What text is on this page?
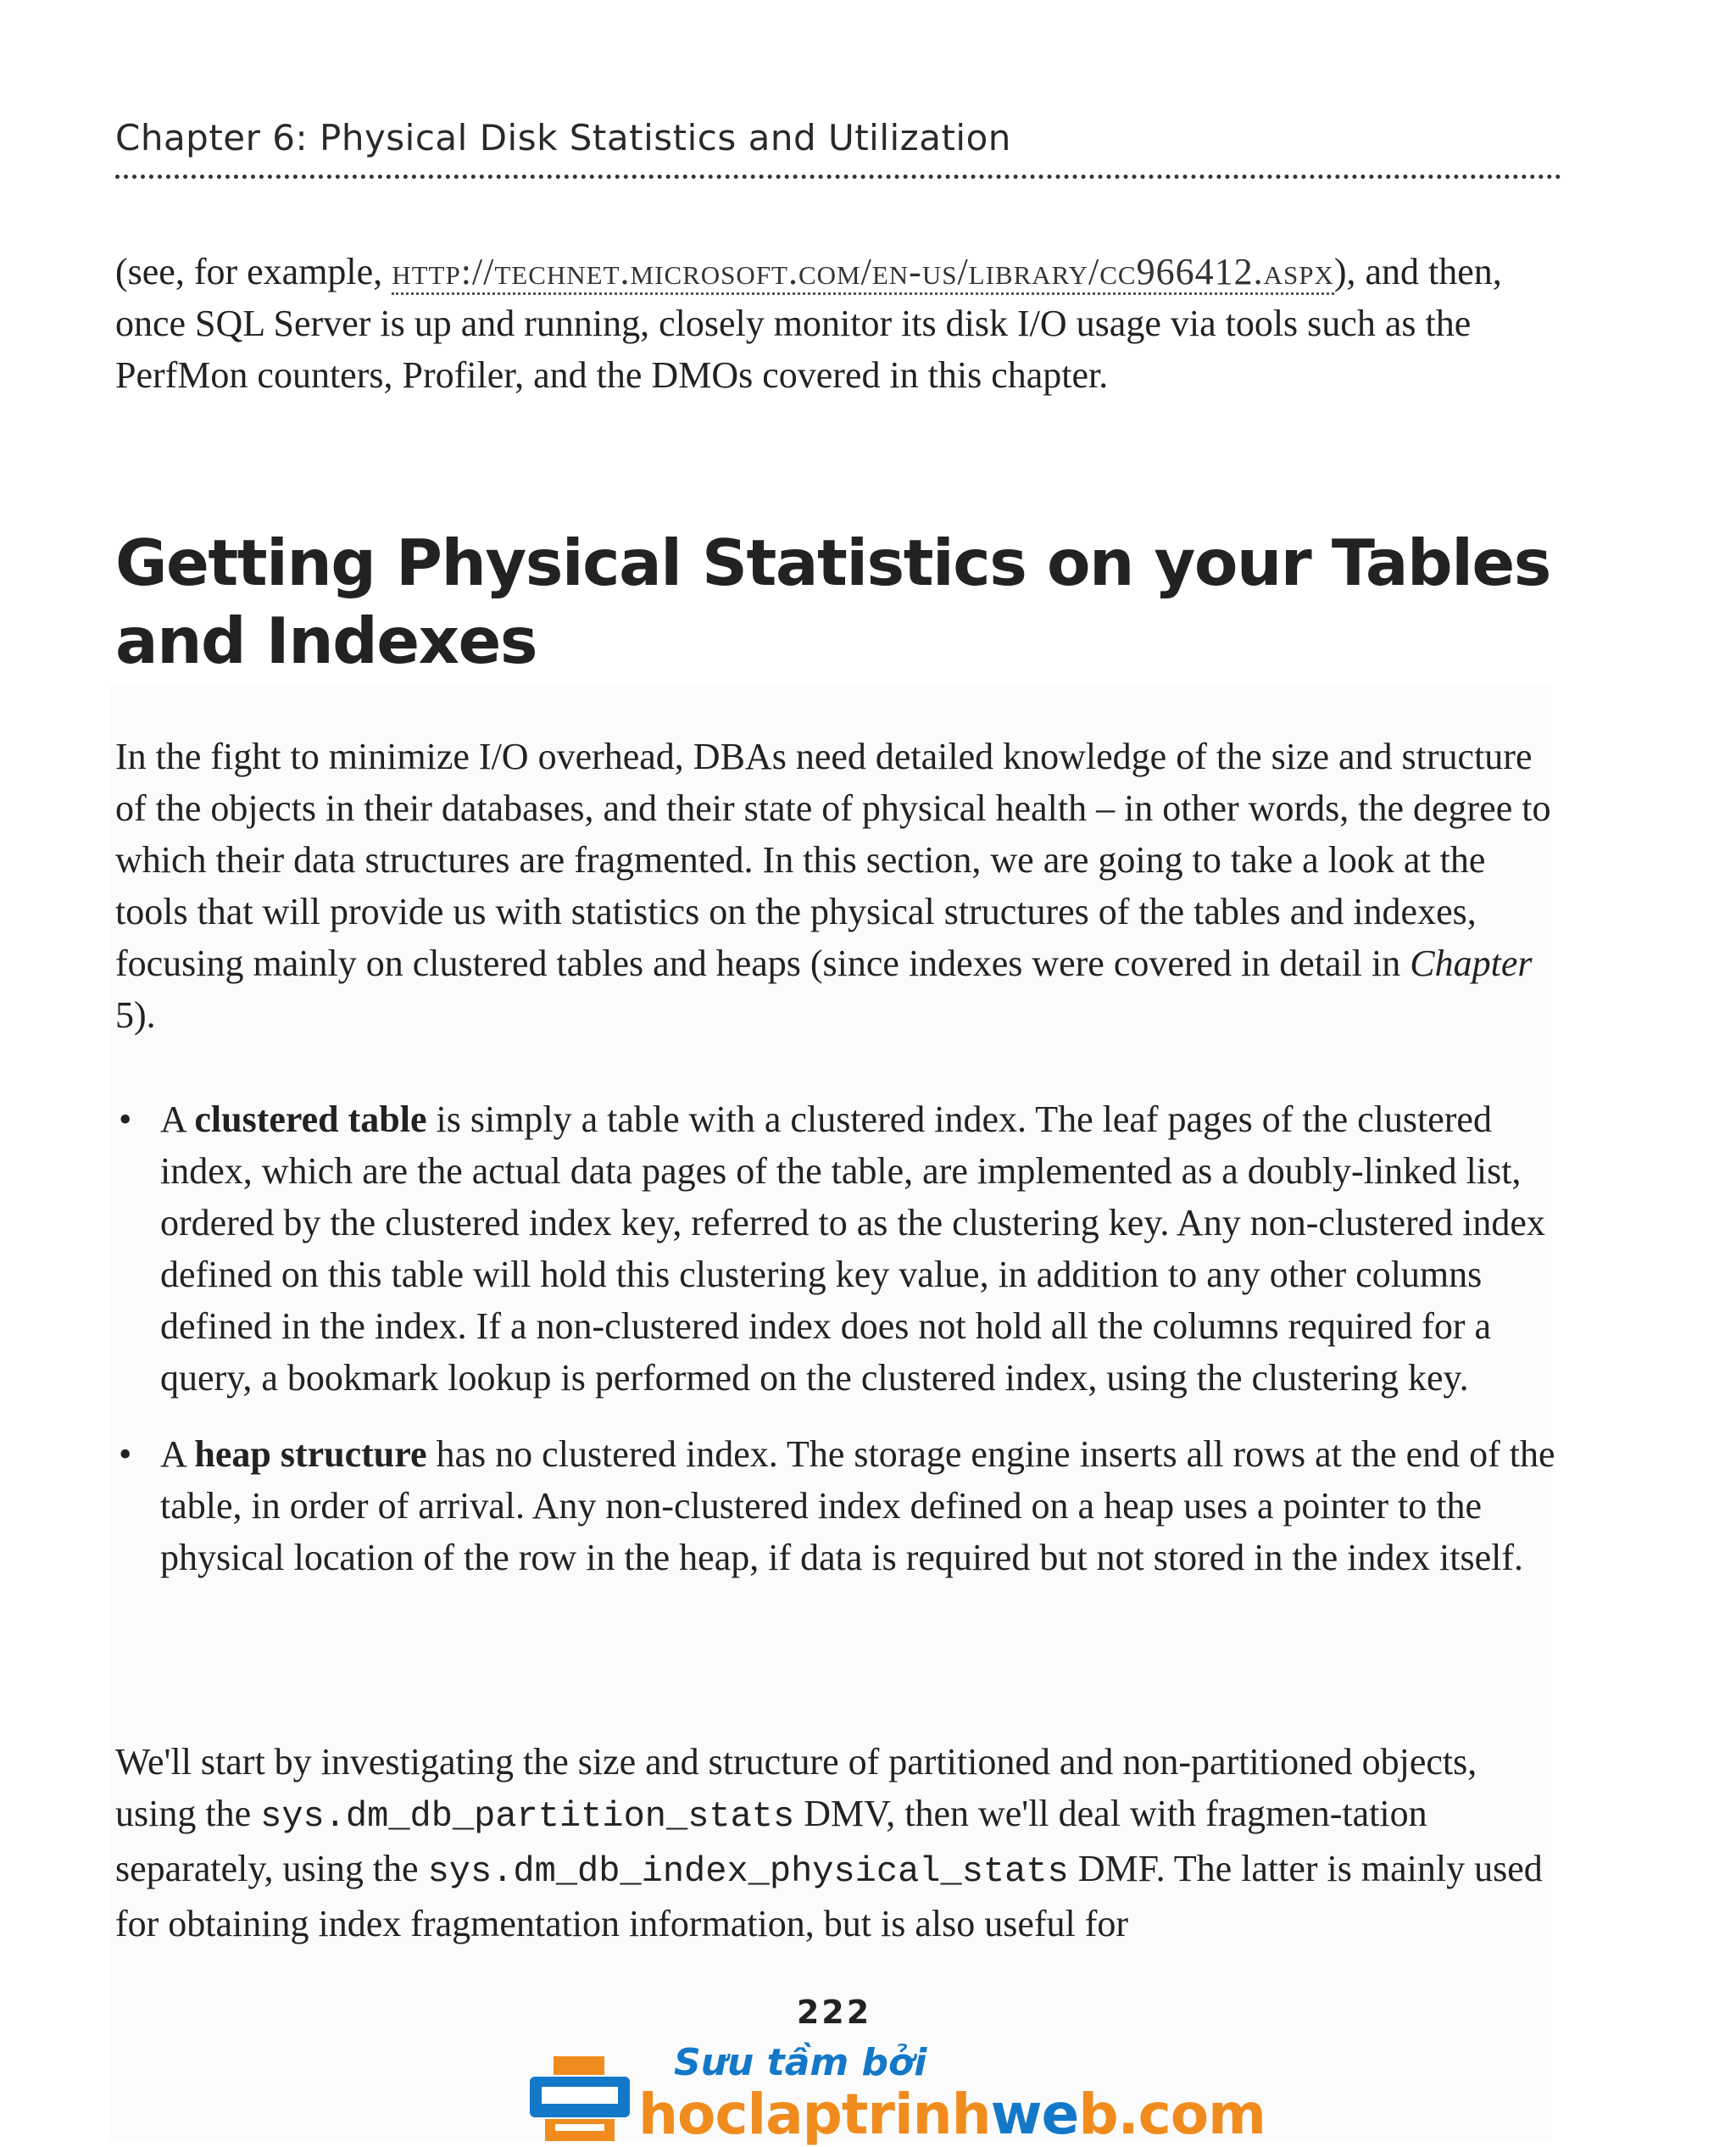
Chapter 6: Physical Disk Statistics and Utilization

(see, for example, http://technet.microsoft.com/en-us/library/cc966412.aspx), and then, once SQL Server is up and running, closely monitor its disk I/O usage via tools such as the PerfMon counters, Profiler, and the DMOs covered in this chapter.

Getting Physical Statistics on your Tables
and Indexes

In the fight to minimize I/O overhead, DBAs need detailed knowledge of the size and structure of the objects in their databases, and their state of physical health – in other words, the degree to which their data structures are fragmented. In this section, we are going to take a look at the tools that will provide us with statistics on the physical structures of the tables and indexes, focusing mainly on clustered tables and heaps (since indexes were covered in detail in Chapter 5).

• A clustered table is simply a table with a clustered index. The leaf pages of the clustered index, which are the actual data pages of the table, are implemented as a doubly-linked list, ordered by the clustered index key, referred to as the clustering key. Any non-clustered index defined on this table will hold this clustering key value, in addition to any other columns defined in the index. If a non-clustered index does not hold all the columns required for a query, a bookmark lookup is performed on the clustered index, using the clustering key.
• A heap structure has no clustered index. The storage engine inserts all rows at the end of the table, in order of arrival. Any non-clustered index defined on a heap uses a pointer to the physical location of the row in the heap, if data is required but not stored in the index itself.

We'll start by investigating the size and structure of partitioned and non-partitioned objects, using the sys.dm_db_partition_stats DMV, then we'll deal with fragmen-tation separately, using the sys.dm_db_index_physical_stats DMF. The latter is mainly used for obtaining index fragmentation information, but is also useful for

222
Sưu tầm bởi
hoclaptrinhweb.com
